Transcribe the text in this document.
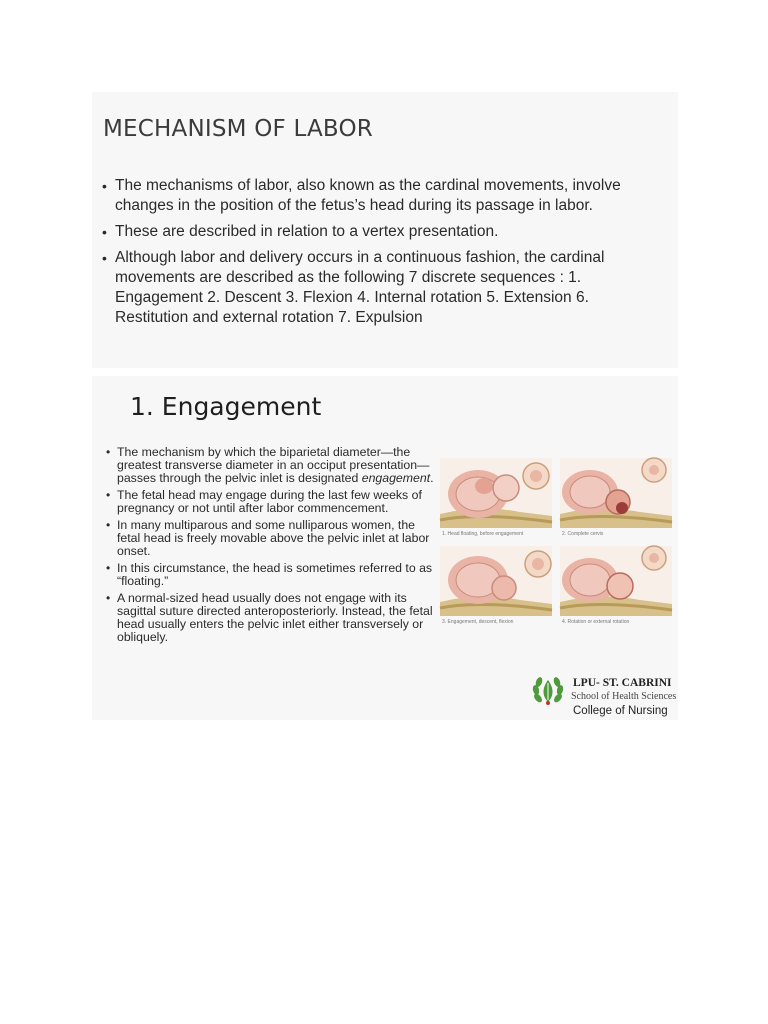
MECHANISM OF LABOR
• The mechanisms of labor, also known as the cardinal movements, involve changes in the position of the fetus’s head during its passage in labor.
• These are described in relation to a vertex presentation.
• Although labor and delivery occurs in a continuous fashion, the cardinal movements are described as the following 7 discrete sequences : 1. Engagement 2. Descent 3. Flexion 4. Internal rotation 5. Extension 6. Restitution and external rotation 7. Expulsion
1. Engagement
• The mechanism by which the biparietal diameter—the greatest transverse diameter in an occiput presentation—passes through the pelvic inlet is designated engagement.
• The fetal head may engage during the last few weeks of pregnancy or not until after labor commencement.
• In many multiparous and some nulliparous women, the fetal head is freely movable above the pelvic inlet at labor onset.
• In this circumstance, the head is sometimes referred to as “floating.”
• A normal-sized head usually does not engage with its sagittal suture directed anteroposteriorly. Instead, the fetal head usually enters the pelvic inlet either transversely or obliquely.
1. Head floating, before engagement	2. Complete cervix
3. Engagement, descent, flexion	4. Rotation or external rotation
LPU- ST. CABRINI
School of Health Sciences
College of Nursing
